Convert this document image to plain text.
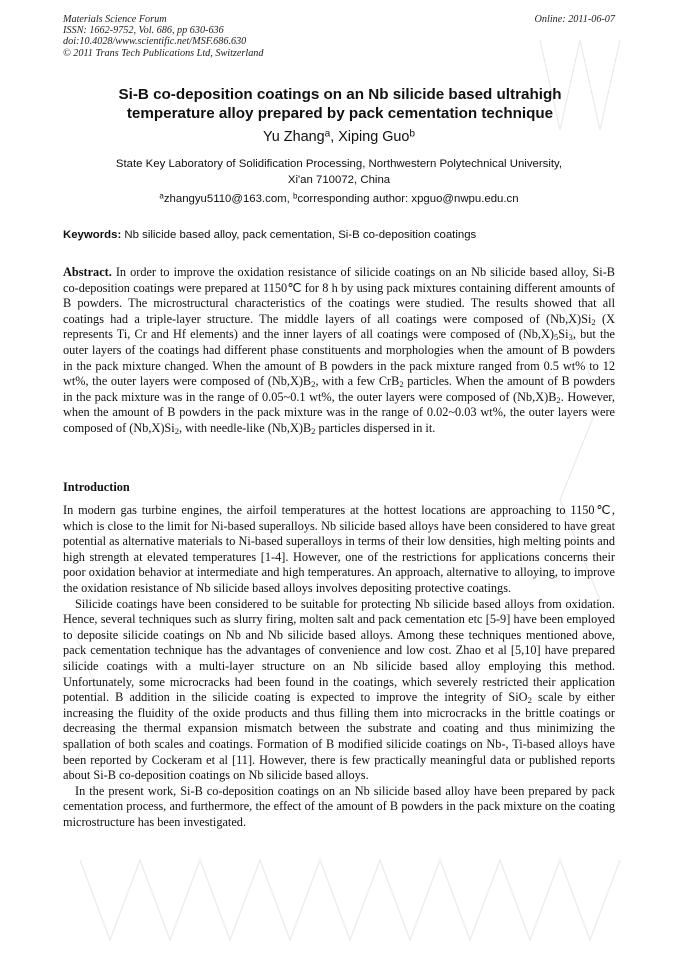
Materials Science Forum
ISSN: 1662-9752, Vol. 686, pp 630-636
doi:10.4028/www.scientific.net/MSF.686.630
© 2011 Trans Tech Publications Ltd, Switzerland
Online: 2011-06-07
Si-B co-deposition coatings on an Nb silicide based ultrahigh
temperature alloy prepared by pack cementation technique
Yu Zhang$^a$, Xiping Guo$^b$
State Key Laboratory of Solidification Processing, Northwestern Polytechnical University,
Xi'an 710072, China
$^a$zhangyu5110@163.com, $^b$corresponding author: xpguo@nwpu.edu.cn
Keywords: Nb silicide based alloy, pack cementation, Si-B co-deposition coatings
Abstract. In order to improve the oxidation resistance of silicide coatings on an Nb silicide based alloy, Si-B co-deposition coatings were prepared at 1150℃ for 8 h by using pack mixtures containing different amounts of B powders. The microstructural characteristics of the coatings were studied. The results showed that all coatings had a triple-layer structure. The middle layers of all coatings were composed of $(Nb,X)Si_2$ (X represents Ti, Cr and Hf elements) and the inner layers of all coatings were composed of $(Nb,X)_5Si_3$, but the outer layers of the coatings had different phase constituents and morphologies when the amount of B powders in the pack mixture changed. When the amount of B powders in the pack mixture ranged from 0.5 wt% to 12 wt%, the outer layers were composed of $(Nb,X)B_2$, with a few CrB$_2$ particles. When the amount of B powders in the pack mixture was in the range of 0.05~0.1 wt%, the outer layers were composed of $(Nb,X)B_2$. However, when the amount of B powders in the pack mixture was in the range of 0.02~0.03 wt%, the outer layers were composed of $(Nb,X)Si_2$, with needle-like $(Nb,X)B_2$ particles dispersed in it.
Introduction

In modern gas turbine engines, the airfoil temperatures at the hottest locations are approaching to 1150℃, which is close to the limit for Ni-based superalloys. Nb silicide based alloys have been considered to have great potential as alternative materials to Ni-based superalloys in terms of their low densities, high melting points and high strength at elevated temperatures [1-4]. However, one of the restrictions for applications concerns their poor oxidation behavior at intermediate and high temperatures. An approach, alternative to alloying, to improve the oxidation resistance of Nb silicide based alloys involves depositing protective coatings.

Silicide coatings have been considered to be suitable for protecting Nb silicide based alloys from oxidation. Hence, several techniques such as slurry firing, molten salt and pack cementation etc [5-9] have been employed to deposite silicide coatings on Nb and Nb silicide based alloys. Among these techniques mentioned above, pack cementation technique has the advantages of convenience and low cost. Zhao et al [5,10] have prepared silicide coatings with a multi-layer structure on an Nb silicide based alloy employing this method. Unfortunately, some microcracks had been found in the coatings, which severely restricted their application potential. B addition in the silicide coating is expected to improve the integrity of SiO$_2$ scale by either increasing the fluidity of the oxide products and thus filling them into microcracks in the brittle coatings or decreasing the thermal expansion mismatch between the substrate and coating and thus minimizing the spallation of both scales and coatings. Formation of B modified silicide coatings on Nb-, Ti-based alloys have been reported by Cockeram et al [11]. However, there is few practically meaningful data or published reports about Si-B co-deposition coatings on Nb silicide based alloys.

In the present work, Si-B co-deposition coatings on an Nb silicide based alloy have been prepared by pack cementation process, and furthermore, the effect of the amount of B powders in the pack mixture on the coating microstructure has been investigated.
